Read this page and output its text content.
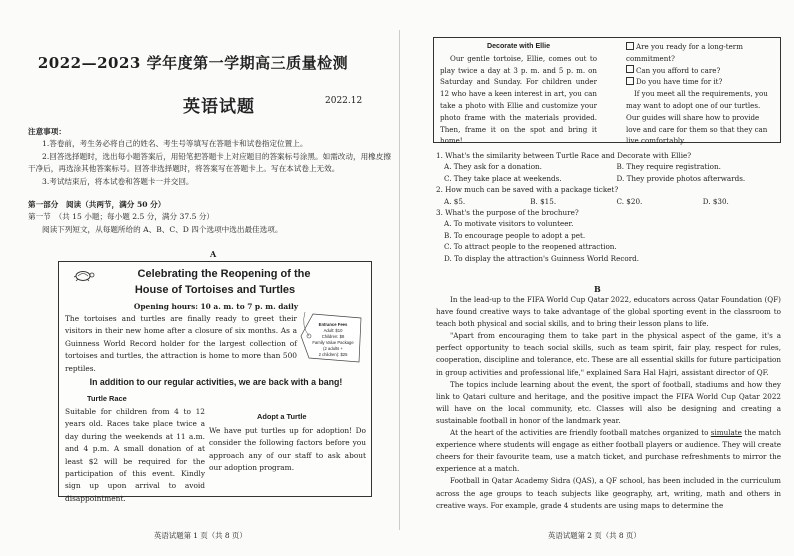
2022—2023 学年度第一学期高三质量检测
英语试题	2022.12

注意事项：

1.答卷前，考生务必将自己的姓名、考生号等填写在答题卡和试卷指定位置上。

2.回答选择题时，选出每小题答案后，用铅笔把答题卡上对应题目的答案标号涂黑。如需改动，用橡皮擦干净后，再选涂其他答案标号。回答非选择题时，将答案写在答题卡上。写在本试卷上无效。

3.考试结束后，将本试卷和答题卡一并交回。

第一部分　阅读（共两节，满分 50 分）

第一节　（共 15 小题；每小题 2.5 分，满分 37.5 分）

阅读下列短文，从每题所给的 A、B、C、D 四个选项中选出最佳选项。

A
Celebrating the Reopening of the
House of Tortoises and Turtles
Opening hours: 10 a. m. to 7 p. m. daily
The tortoises and turtles are finally ready to greet their visitors in their new home after a closure of six months. As a Guinness World Record holder for the largest collection of tortoises and turtles, the attraction is home to more than 500 reptiles.
Entrance Fees
Adult: $10
Children: $8
Family Value Package
(2 adults +
2 children): $25
In addition to our regular activities, we are back with a bang!
Turtle Race
Suitable for children from 4 to 12 years old. Races take place twice a day during the weekends at 11 a.m. and 4 p.m. A small donation of at least $2 will be required for the participation of this event. Kindly sign up upon arrival to avoid disappointment.
Adopt a Turtle
We have put turtles up for adoption! Do consider the following factors before you approach any of our staff to ask about our adoption program.
英语试题第 1 页（共 8 页）
Decorate with Ellie
Our gentle tortoise, Ellie, comes out to play twice a day at 3 p. m. and 5 p. m. on Saturday and Sunday. For children under 12 who have a keen interest in art, you can take a photo with Ellie and customize your photo frame with the materials provided. Then, frame it on the spot and bring it home!
Are you ready for a long-term commitment?
Can you afford to care?
Do you have time for it?
If you meet all the requirements, you may want to adopt one of our turtles. Our guides will share how to provide love and care for them so that they can live comfortably.

1. What's the similarity between Turtle Race and Decorate with Ellie?

A. They ask for a donation.	B. They require registration.
C. They take place at weekends.	D. They provide photos afterwards.

2. How much can be saved with a package ticket?

A. $5.	B. $15.	C. $20.	D. $30.

3. What's the purpose of the brochure?

A. To motivate visitors to volunteer.
B. To encourage people to adopt a pet.
C. To attract people to the reopened attraction.
D. To display the attraction's Guinness World Record.
B

In the lead-up to the FIFA World Cup Qatar 2022, educators across Qatar Foundation (QF) have found creative ways to take advantage of the global sporting event in the classroom to teach both physical and social skills, and to bring their lesson plans to life.

"Apart from encouraging them to take part in the physical aspect of the game, it's a perfect opportunity to teach social skills, such as team spirit, fair play, respect for rules, cooperation, discipline and tolerance, etc. These are all essential skills for future participation in group activities and professional life," explained Sara Hal Hajri, assistant director of QF.

The topics include learning about the event, the sport of football, stadiums and how they link to Qatari culture and heritage, and the positive impact the FIFA World Cup Qatar 2022 will have on the local community, etc. Classes will also be designing and creating a sustainable football in honor of the landmark year.

At the heart of the activities are friendly football matches organized to simulate the match experience where students will engage as either football players or audience. They will create cheers for their favourite team, use a match ticket, and purchase refreshments to mirror the experience at a match.

Football in Qatar Academy Sidra (QAS), a QF school, has been included in the curriculum across the age groups to teach subjects like geography, art, writing, math and others in creative ways. For example, grade 4 students are using maps to determine the

英语试题第 2 页（共 8 页）
